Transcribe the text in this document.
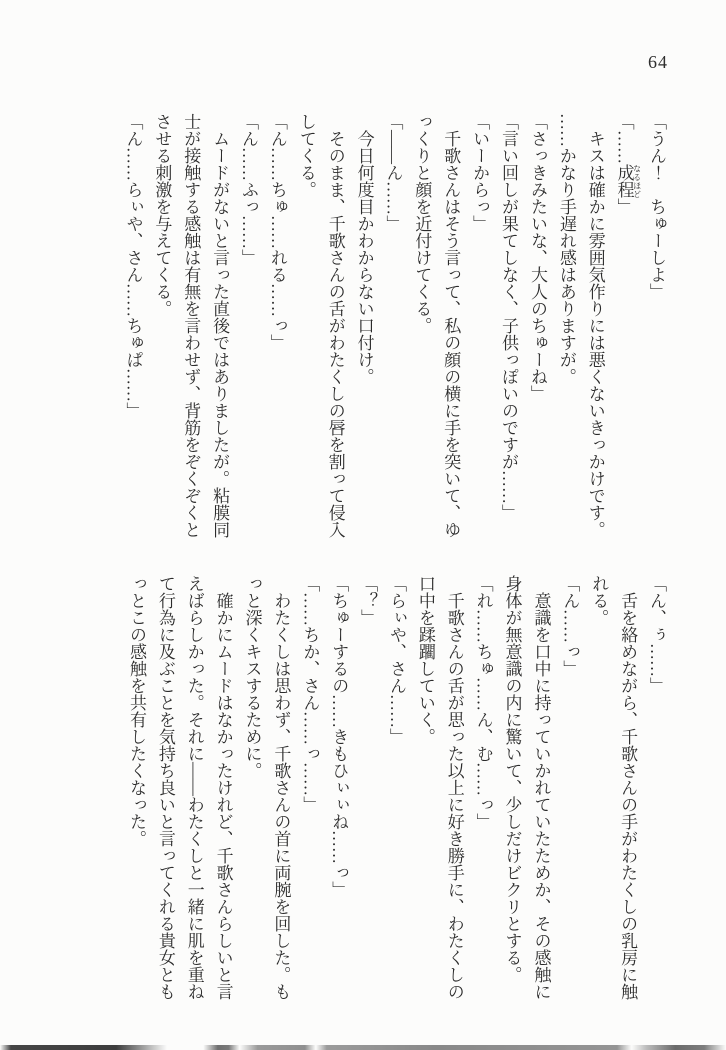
64

「うん！　ちゅーしよ」

「……成程 なるほど」

キスは確かに雰囲気作りには悪くないきっかけです。

……かなり手遅れ感はありますが。

「さっきみたいな、大人のちゅーね」

「言い回しが果てしなく、子供っぽいのですが……」

「いーからっ」

千歌さんはそう言って、私の顔の横に手を突いて、ゆっくりと顔を近付けてくる。

「――ん……」

今日何度目かわからない口付け。

そのまま、千歌さんの舌がわたくしの唇を割って侵入してくる。

「ん……ちゅ……れる……っ」

「ん……ふっ……」

ムードがないと言った直後ではありましたが。粘膜同士が接触する感触は有無を言わせず、背筋をぞくぞくとさせる刺激を与えてくる。

「ん……らぃや、さん……ちゅぱ……」

「ん、ぅ……」

舌を絡めながら、千歌さんの手がわたくしの乳房に触れる。

「ん……っ」

意識を口中に持っていかれていたためか、その感触に身体が無意識の内に驚いて、少しだけビクリとする。

「れ……ちゅ……ん、む……っ」

千歌さんの舌が思った以上に好き勝手に、わたくしの口中を蹂躙していく。

「らぃや、さん……」

「？」

「ちゅーするの……きもひぃぃね……っ」

「……ちか、さん……っ……」

わたくしは思わず、千歌さんの首に両腕を回した。もっと深くキスするために。

確かにムードはなかったけれど、千歌さんらしいと言えばらしかった。それに――わたくしと一緒に肌を重ねて行為に及ぶことを気持ち良いと言ってくれる貴女ともっとこの感触を共有したくなった。
